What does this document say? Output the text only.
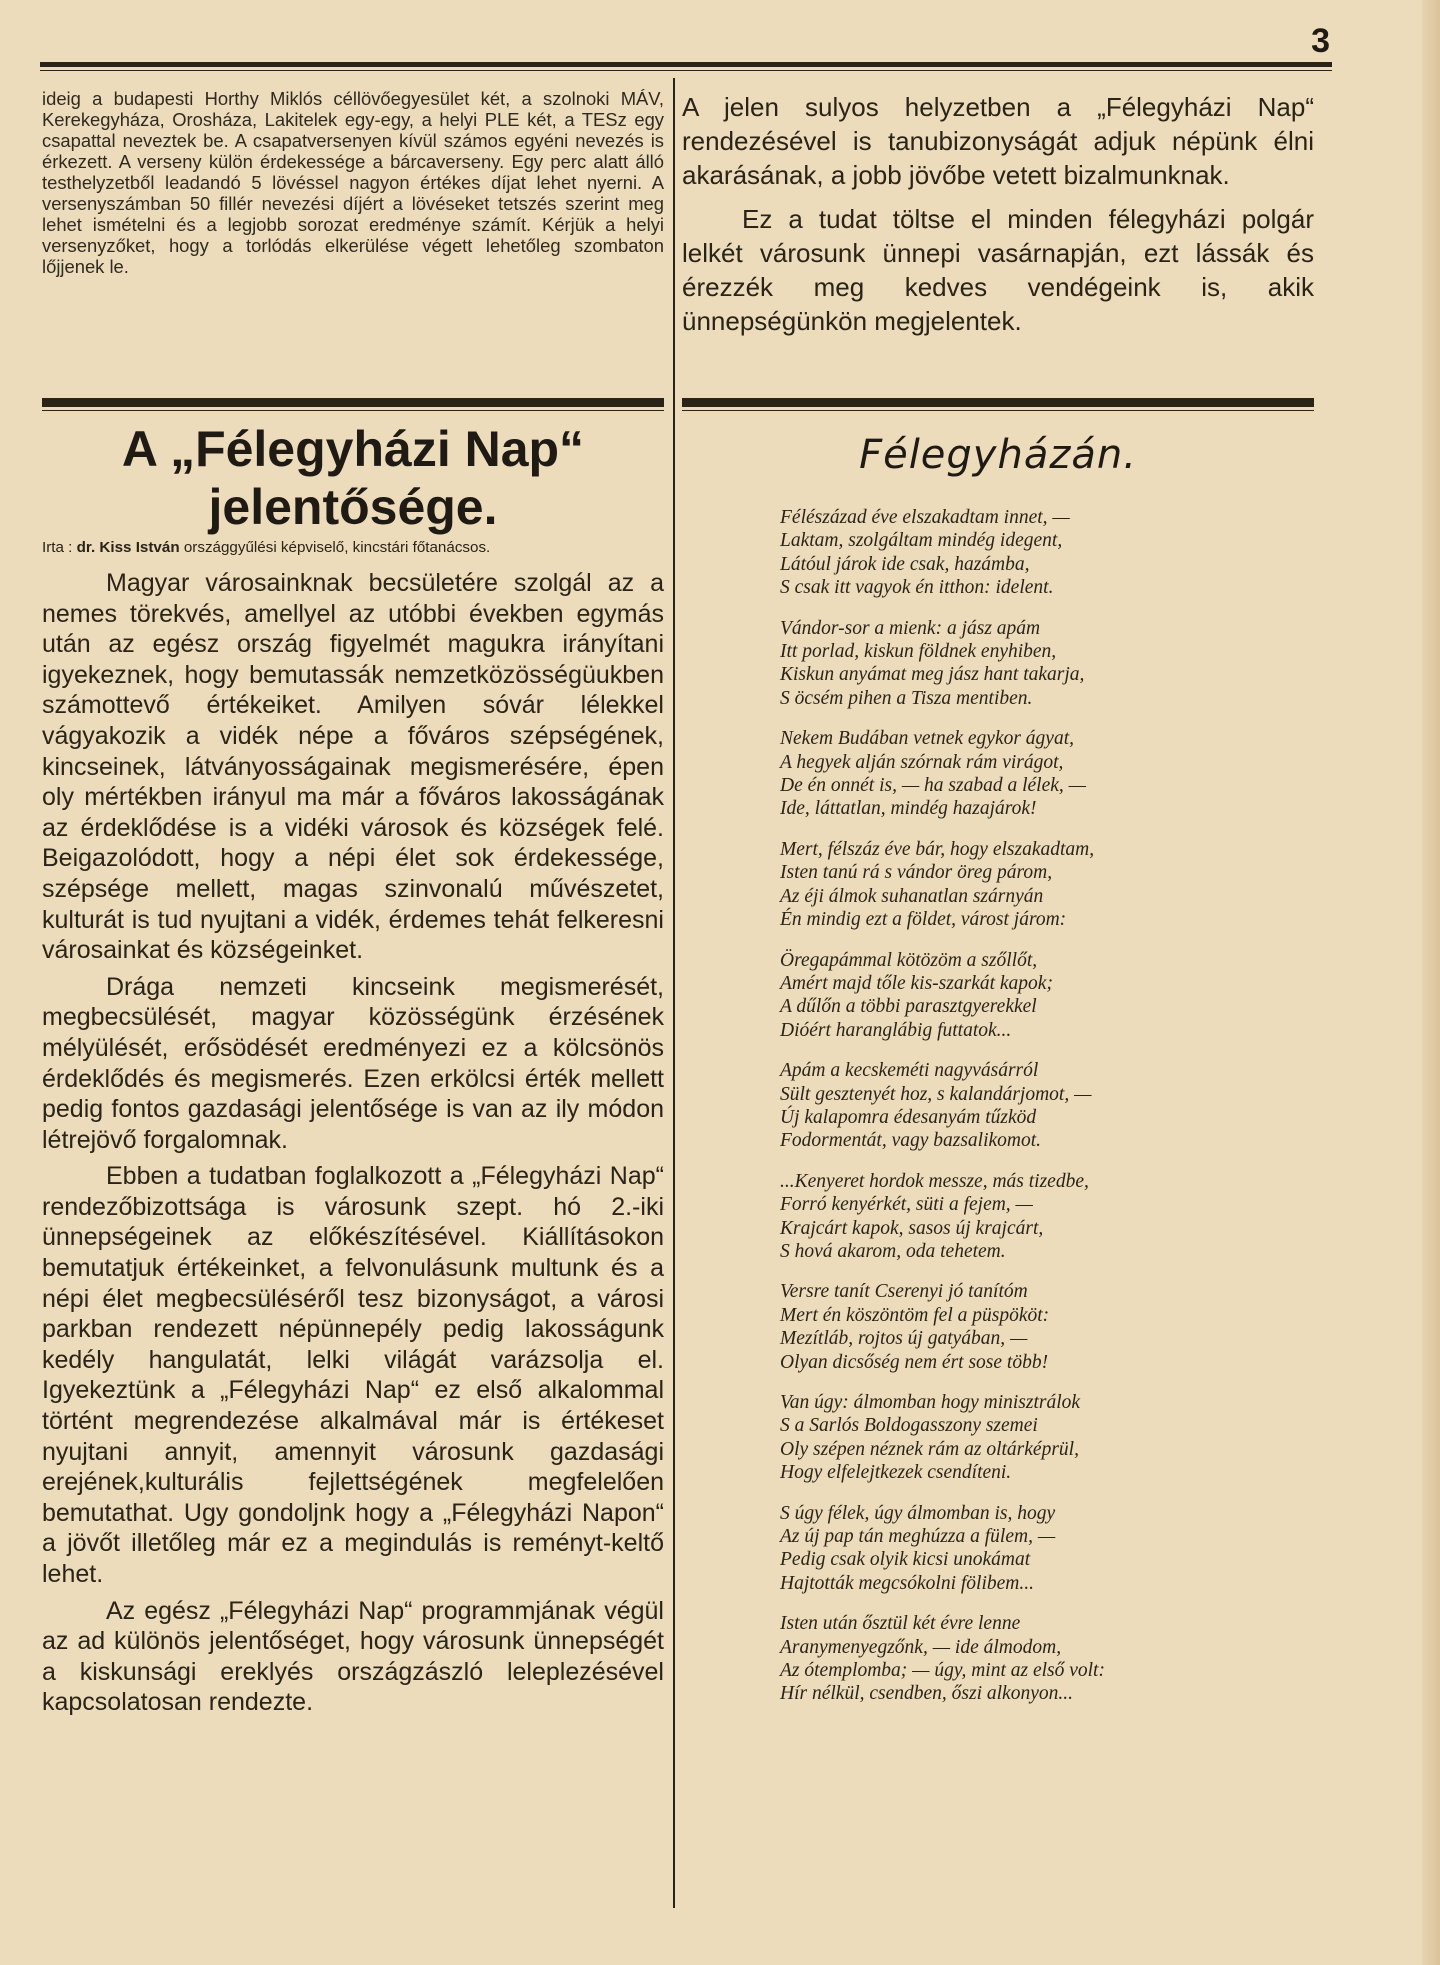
3

ideig a budapesti Horthy Miklós céllövőegyesület két, a szolnoki MÁV, Kerekegyháza, Orosháza, Lakitelek egy-egy, a helyi PLE két, a TESz egy csapattal neveztek be. A csapatversenyen kívül számos egyéni nevezés is érkezett. A verseny külön érdekessége a bárcaverseny. Egy perc alatt álló testhelyzetből leadandó 5 lövéssel nagyon értékes díjat lehet nyerni. A versenyszámban 50 fillér nevezési díjért a lövéseket tetszés szerint meg lehet ismételni és a legjobb sorozat eredménye számít. Kérjük a helyi versenyzőket, hogy a torlódás elkerülése végett lehetőleg szombaton lőjjenek le.

A jelen sulyos helyzetben a „Félegyházi Nap“ rendezésével is tanubizonyságát adjuk népünk élni akarásának, a jobb jövőbe vetett bizalmunknak.

Ez a tudat töltse el minden félegyházi polgár lelkét városunk ünnepi vasárnapján, ezt lássák és érezzék meg kedves vendégeink is, akik ünnepségünkön megjelentek.

A „Félegyházi Nap“
jelentősége.
Irta : dr. Kiss István országgyűlési képviselő, kincstári főtanácsos.

Magyar városainknak becsületére szolgál az a nemes törekvés, amellyel az utóbbi években egymás után az egész ország figyelmét magukra irányítani igyekeznek, hogy bemutassák nemzetközösségüukben számottevő értékeiket. Amilyen sóvár lélekkel vágyakozik a vidék népe a főváros szépségének, kincseinek, látványosságainak megismerésére, épen oly mértékben irányul ma már a főváros lakosságának az érdeklődése is a vidéki városok és községek felé. Beigazolódott, hogy a népi élet sok érdekessége, szépsége mellett, magas szinvonalú művészetet, kulturát is tud nyujtani a vidék, érdemes tehát felkeresni városainkat és községeinket.

Drága nemzeti kincseink megismerését, megbecsülését, magyar közösségünk érzésének mélyülését, erősödését eredményezi ez a kölcsönös érdeklődés és megismerés. Ezen erkölcsi érték mellett pedig fontos gazdasági jelentősége is van az ily módon létrejövő forgalomnak.

Ebben a tudatban foglalkozott a „Félegyházi Nap“ rendezőbizottsága is városunk szept. hó 2.-iki ünnepségeinek az előkészítésével. Kiállításokon bemutatjuk értékeinket, a felvonulásunk multunk és a népi élet megbecsüléséről tesz bizonyságot, a városi parkban rendezett népünnepély pedig lakosságunk kedély hangulatát, lelki világát varázsolja el. Igyekeztünk a „Félegyházi Nap“ ez első alkalommal történt megrendezése alkalmával már is értékeset nyujtani annyit, amennyit városunk gazdasági erejének,kulturális fejlettségének megfelelően bemutathat. Ugy gondoljnk hogy a „Félegyházi Napon“ a jövőt illetőleg már ez a megindulás is reményt-keltő lehet.

Az egész „Félegyházi Nap“ programmjának végül az ad különös jelentőséget, hogy városunk ünnepségét a kiskunsági ereklyés országzászló leleplezésével kapcsolatosan rendezte.

Félegyházán.
Félészázad éve elszakadtam innet, —
Laktam, szolgáltam mindég idegent,
Látóul járok ide csak, hazámba,
S csak itt vagyok én itthon: idelent.
Vándor-sor a mienk: a jász apám
Itt porlad, kiskun földnek enyhiben,
Kiskun anyámat meg jász hant takarja,
S öcsém pihen a Tisza mentiben.
Nekem Budában vetnek egykor ágyat,
A hegyek alján szórnak rám virágot,
De én onnét is, — ha szabad a lélek, —
Ide, láttatlan, mindég hazajárok!
Mert, félszáz éve bár, hogy elszakadtam,
Isten tanú rá s vándor öreg párom,
Az éji álmok suhanatlan szárnyán
Én mindig ezt a földet, várost járom:
Öregapámmal kötözöm a szőllőt,
Amért majd tőle kis-szarkát kapok;
A dűlőn a többi parasztgyerekkel
Dióért haranglábig futtatok...
Apám a kecskeméti nagyvásárról
Sült gesztenyét hoz, s kalandárjomot, —
Új kalapomra édesanyám tűzköd
Fodormentát, vagy bazsalikomot.
...Kenyeret hordok messze, más tizedbe,
Forró kenyérkét, süti a fejem, —
Krajcárt kapok, sasos új krajcárt,
S hová akarom, oda tehetem.
Versre tanít Cserenyi jó tanítóm
Mert én köszöntöm fel a püspököt:
Mezítláb, rojtos új gatyában, —
Olyan dicsőség nem ért sose több!
Van úgy: álmomban hogy minisztrálok
S a Sarlós Boldogasszony szemei
Oly szépen néznek rám az oltárképrül,
Hogy elfelejtkezek csendíteni.
S úgy félek, úgy álmomban is, hogy
Az új pap tán meghúzza a fülem, —
Pedig csak olyik kicsi unokámat
Hajtották megcsókolni fölibem...
Isten után ősztül két évre lenne
Aranymenyegzőnk, — ide álmodom,
Az ótemplomba; — úgy, mint az első volt:
Hír nélkül, csendben, őszi alkonyon...
